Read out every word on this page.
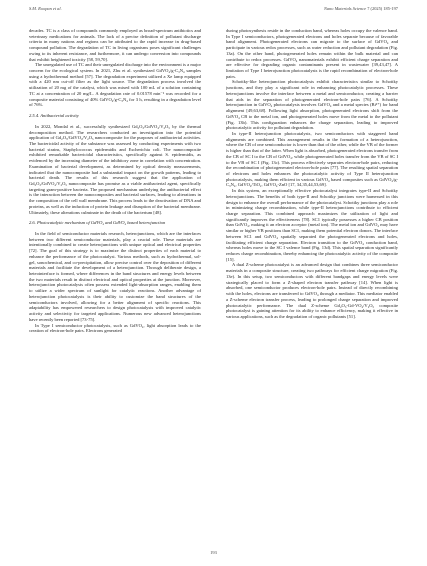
S.M. Roopan et al.	Nano Materials Science 7 (2025) 185-197

decades. TC is a class of compounds commonly employed as broad-spectrum antibiotics and veterinary medications for animals. The lack of a precise definition of pollutant discharge criteria in many nations and regions can be attributed to the rapid increase in drug-based compound pollution. The degradation of TC in living organisms poses significant challenges owing to its inherent resistance, and furthermore, it can undergo conversion into compounds that exhibit heightened toxicity [58, 59,70].

The unregulated use of TC and their unregulated discharge into the environment is a major concern for the ecological system. In 2021, Zhu et al. synthesized GdVO₄/g-C₃N₄ samples using a hydrothermal method [57]. The degradation experiment utilized a Xe lamp equipped with a 420 nm cut-off filter as the light source. The degradation process involved the utilization of 20 mg of the catalyst, which was mixed with 100 mL of a solution containing TC at a concentration of 20 mg/L. A degradation rate of 0.01578 min⁻¹ was recorded for a composite material consisting of 40% GdVO₄/g-C₃N₄ for 3 h, resulting in a degradation level of 76%.

2.5.4. Antibacterial activity

In 2022, Mondal et al., successfully synthesized Gd₂O₃/GdVO₄/V₂O₅ by the thermal decomposition method. The researchers conducted an investigation into the potential application of Gd₂O₃/GdVO₄/V₂O₅ nanocomposite for the purposes of antibacterial activities. The bactericidal activity of the substance was assessed by conducting experiments with two bacterial strains, Staphylococcus epidermidis and Escherichia coli. The nanocomposite exhibited remarkable bactericidal characteristics, specifically against S. epidermidis, as evidenced by the increasing diameter of the inhibitory zone in correlation with concentration. Examination of bacterial development, as determined by optical density measurements, indicated that the nanocomposite had a substantial impact on the growth patterns, leading to bacterial death. The results of this research suggest that the application of Gd₂O₃/GdVO₄/V₂O₅ nanocomposite has promise as a viable antibacterial agent, specifically targeting gram-positive bacteria. The proposed mechanism underlying the antibacterial effect is the interaction between the nanocomposites and bacterial surfaces, leading to alterations in the composition of the cell wall membrane. This process leads to the deactivation of DNA and proteins, as well as the induction of protein leakage and disruption of the bacterial membrane. Ultimately, these alterations culminate in the death of the bacterium [48].

2.6. Photocatalytic mechanism of GdVO₄ and GdVO₄ based heterojunction

In the field of semiconductor materials research, heterojunctions, which are the interfaces between two different semiconductor materials, play a crucial role. These materials are intentionally combined to create heterojunctions with unique optical and electrical properties [72]. The goal of this strategy is to maximize the distinct properties of each material to enhance the performance of the photocatalyst. Various methods, such as hydrothermal, sol-gel, sonochemical, and co-precipitation, allow precise control over the deposition of different materials and facilitate the development of a heterojunction. Through deliberate design, a heteointerface is formed, where differences in the band structures and energy levels between the two materials result in distinct electrical and optical properties at the junction. Moreover, heterojunction photocatalysts often possess extended light-absorption ranges, enabling them to utilize a wider spectrum of sunlight for catalytic reactions. Another advantage of heterojunction photocatalysts is their ability to customize the band structures of the semiconductors involved, allowing for a better alignment of specific reactions. This adaptability has empowered researchers to design photocatalysts with improved catalytic activity and selectivity for targeted applications. Numerous new advanced heterojunctions have recently been reported [73-75].

In Type I semiconductor photocatalysts, such as GdVO₄, light absorption leads to the creation of electron-hole pairs. Electrons generated

during photosynthesis reside in the conduction band, whereas holes occupy the valence band. In Type I semiconductors, photogenerated electrons and holes separate because of favorable band alignment. Photogenerated electrons can migrate to the surface of GdVO₄ and participate in various redox processes, such as water reduction and pollutant degradation (Fig. 13a). On the other hand, photogenerated holes remain within the bulk material and can contribute to redox processes. GdVO₄ nanomaterials exhibit efficient charge separation and are effective for degrading organic contaminants present in wastewater [39,43,47]. A limitation of Type I heterojunction photocatalysts is the rapid recombination of electron-hole pairs.

Schottky-like heterojunction photocatalysts exhibit characteristics similar to Schottky junctions, and they play a significant role in enhancing photocatalytic processes. These heterojunctions involve the interface between a metal and semiconductor, creating a barrier that aids in the separation of photogenerated electron-hole pairs [76]. A Schottky heterojunction in GdVO₄ photocatalysts involves GdVO₄ and a metal species (Bi³⁺) for band alignment [49,63,68]. Following light absorption, photogenerated electrons shift from the GdVO₄ CB to the metal ion, and photogenerated holes move from the metal to the pollutant (Fig. 13b). This configuration enhances the charge separation, leading to improved photocatalytic activity for pollutant degradation.

In type-II heterojunction photocatalysts, two semiconductors with staggered band alignments are combined. This arrangement results in the formation of a heterojunction, where the CB of one semiconductor is lower than that of the other, while the VB of the former is higher than that of the latter. When light is absorbed, photogenerated electrons transfer from the CB of SC I to the CB of GdVO₄, while photogenerated holes transfer from the VB of SC I to the VB of SC I (Fig. 13c). This process effectively separates electron-hole pairs, reducing the recombination of photogenerated electron-hole pairs [77]. The resulting spatial separation of electrons and holes enhances the photocatalytic activity of Type II heterojunction photocatalysts, making them efficient in various GdVO₄ based composites such as GdVO₄/g-C₃N₄, GdVO₄/TiO₂, GdVO₄-ZnO [17, 34,35,44,53,69].

In this system, an exceptionally effective photocatalyst integrates type-II and Schottky heterojunctions. The benefits of both type-II and Schottky junctions were harnessed in this design to enhance the overall performance of the photocatalyst. Schottky junctions play a role in minimizing charge recombination, while type-II heterojunctions contribute to efficient charge separation. This combined approach maximizes the utilization of light and significantly improves the effectiveness [78]. SC1 typically possesses a higher CB position than GdVO₄, making it an electron acceptor (metal ion). The metal ion and GdVO₄ may have similar or higher VB positions than SC1, making them potential electron donors. The interface between SC1 and GdVO₄ spatially separated the photogenerated electrons and holes, facilitating efficient charge separation. Electron transition to the GdVO₄ conduction band, whereas holes move to the SC I valence band (Fig. 13d). This spatial separation significantly reduces charge recombination, thereby enhancing the photocatalytic activity of the composite [15].

A dual Z-scheme photocatalyst is an advanced design that combines three semiconductor materials in a composite structure, creating two pathways for efficient charge migration (Fig. 13e). In this setup, two semiconductors with different bandgaps and energy levels were strategically placed to form a Z-shaped electron transfer pathway [14]. When light is absorbed, one semiconductor produces electron-hole pairs. Instead of directly recombining with the holes, electrons are transferred to GdVO₄ through a mediator. This mediator enabled a Z-scheme electron transfer process, leading to prolonged charge separation and improved photocatalytic performance. The dual Z-scheme Gd₂O₃-Gd-VO₄/V₂O₅ composite photocatalyst is gaining attention for its ability to enhance efficiency, making it effective in various applications, such as the degradation of organic pollutants [51].

193
